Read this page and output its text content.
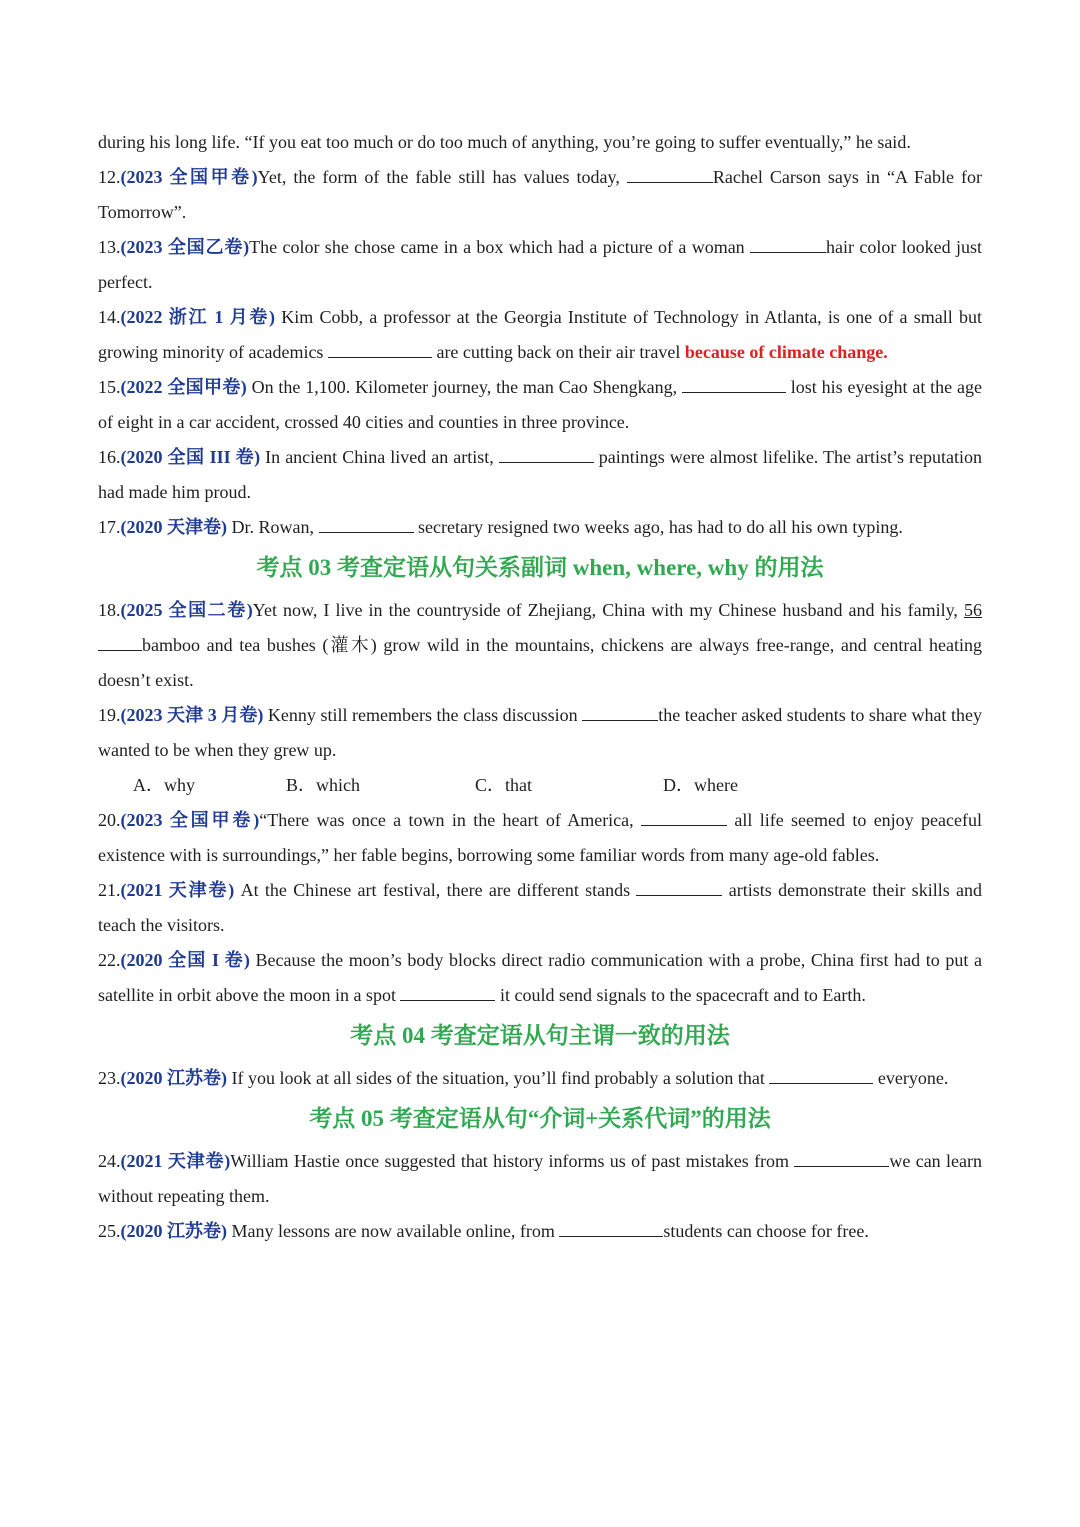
during his long life. “If you eat too much or do too much of anything, you’re going to suffer eventually,” he said.

12.(2023 全国甲卷)Yet, the form of the fable still has values today,	Rachel Carson says in “A Fable for Tomorrow”.

13.(2023 全国乙卷)The color she chose came in a box which had a picture of a woman	hair color looked just perfect.

14.(2022 浙江 1 月卷) Kim Cobb, a professor at the Georgia Institute of Technology in Atlanta, is one of a small but growing minority of academics	are cutting back on their air travel because of climate change.

15.(2022 全国甲卷) On the 1,100. Kilometer journey, the man Cao Shengkang,	lost his eyesight at the age of eight in a car accident, crossed 40 cities and counties in three province.

16.(2020 全国 III 卷) In ancient China lived an artist,	paintings were almost lifelike. The artist’s reputation had made him proud.

17.(2020 天津卷) Dr. Rowan,	secretary resigned two weeks ago, has had to do all his own typing.

考点 03 考查定语从句关系副词 when, where, why 的用法

18.(2025 全国二卷)Yet now, I live in the countryside of Zhejiang, China with my Chinese husband and his family, 56bamboo and tea bushes (灌木) grow wild in the mountains, chickens are always free-range, and central heating doesn’t exist.

19.(2023 天津 3 月卷) Kenny still remembers the class discussion	the teacher asked students to share what they wanted to be when they grew up.

A．why	B．which	C．that	D．where

20.(2023 全国甲卷)“There was once a town in the heart of America,	all life seemed to enjoy peaceful existence with is surroundings,” her fable begins, borrowing some familiar words from many age-old fables.

21.(2021 天津卷) At the Chinese art festival, there are different stands	artists demonstrate their skills and teach the visitors.

22.(2020 全国 I 卷) Because the moon’s body blocks direct radio communication with a probe, China first had to put a satellite in orbit above the moon in a spot	it could send signals to the spacecraft and to Earth.

考点 04 考查定语从句主谓一致的用法

23.(2020 江苏卷) If you look at all sides of the situation, you’ll find probably a solution that	everyone.

考点 05 考查定语从句“介词+关系代词”的用法

24.(2021 天津卷)William Hastie once suggested that history informs us of past mistakes from	we can learn without repeating them.

25.(2020 江苏卷) Many lessons are now available online, from	students can choose for free.
